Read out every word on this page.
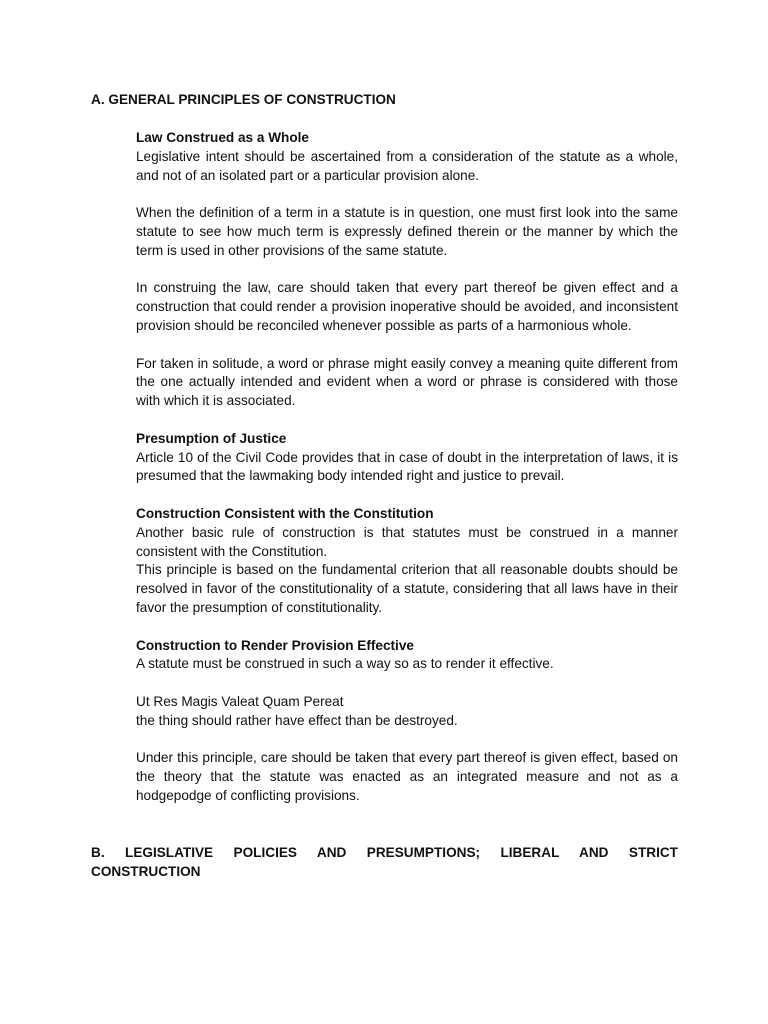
A. GENERAL PRINCIPLES OF CONSTRUCTION
Law Construed as a Whole

Legislative intent should be ascertained from a consideration of the statute as a whole, and not of an isolated part or a particular provision alone.

When the definition of a term in a statute is in question, one must first look into the same statute to see how much term is expressly defined therein or the manner by which the term is used in other provisions of the same statute.

In construing the law, care should taken that every part thereof be given effect and a construction that could render a provision inoperative should be avoided, and inconsistent provision should be reconciled whenever possible as parts of a harmonious whole.

For taken in solitude, a word or phrase might easily convey a meaning quite different from the one actually intended and evident when a word or phrase is considered with those with which it is associated.

Presumption of Justice

Article 10 of the Civil Code provides that in case of doubt in the interpretation of laws, it is presumed that the lawmaking body intended right and justice to prevail.

Construction Consistent with the Constitution

Another basic rule of construction is that statutes must be construed in a manner consistent with the Constitution.

This principle is based on the fundamental criterion that all reasonable doubts should be resolved in favor of the constitutionality of a statute, considering that all laws have in their favor the presumption of constitutionality.

Construction to Render Provision Effective

A statute must be construed in such a way so as to render it effective.

Ut Res Magis Valeat Quam Pereat

the thing should rather have effect than be destroyed.

Under this principle, care should be taken that every part thereof is given effect, based on the theory that the statute was enacted as an integrated measure and not as a hodgepodge of conflicting provisions.

B. LEGISLATIVE POLICIES AND PRESUMPTIONS; LIBERAL AND STRICT
CONSTRUCTION
